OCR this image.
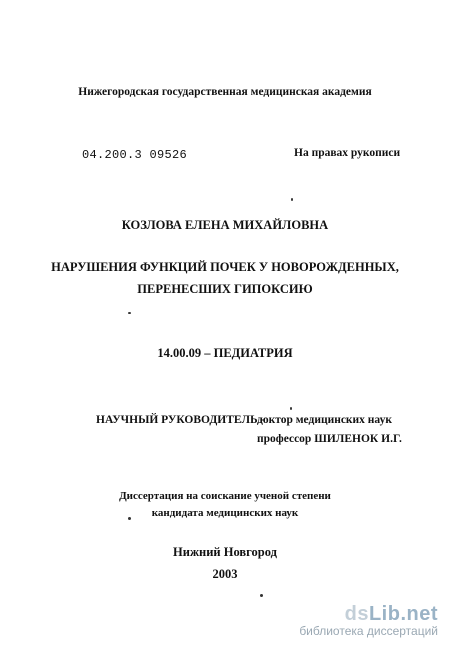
Нижегородская государственная медицинская академия
04.200.3 09526	На правах рукописи
КОЗЛОВА ЕЛЕНА МИХАЙЛОВНА
НАРУШЕНИЯ ФУНКЦИЙ ПОЧЕК У НОВОРОЖДЕННЫХ,
ПЕРЕНЕСШИХ ГИПОКСИЮ
14.00.09 – ПЕДИАТРИЯ
НАУЧНЫЙ РУКОВОДИТЕЛЬ -
доктор медицинских наук
профессор ШИЛЕНОК И.Г.
Диссертация на соискание ученой степени
кандидата медицинских наук
Нижний Новгород
2003
dsLib.net
библиотека диссертаций
